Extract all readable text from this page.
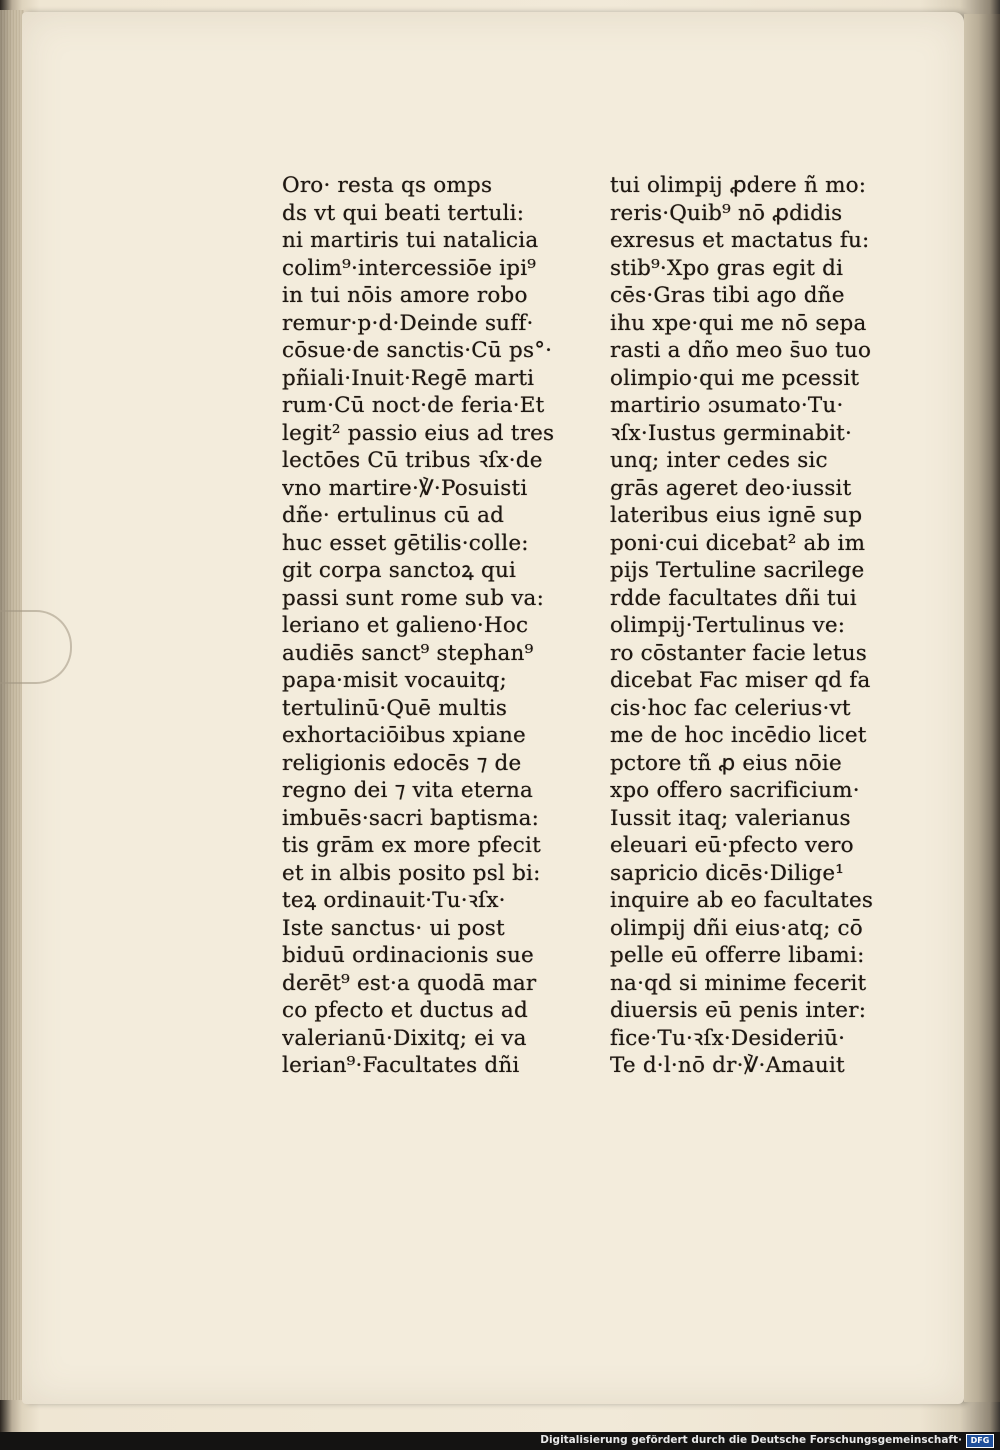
Oro· resta qs omps
ds vt qui beati tertuli:
ni martiris tui natalicia
colim⁹·intercessiōe ipi⁹
in tui nōis amore robo
remur·p·d·Deinde suff·
cōsue·de sanctis·Cū ps°·
pñiali·Inuit·Regē marti
rum·Cū noct·de feria·Et
legit² passio eius ad tres
lectōes Cū tribus ꝛſx·de
vno martire·℣·Posuisti
dñe· ertulinus cū ad
huc esset gētilis·colle:
git corpa sanctoꝝ qui
passi sunt rome sub va:
leriano et galieno·Hoc
audiēs sanct⁹ stephan⁹
papa·misit vocauitq;
tertulinū·Quē multis
exhortaciōibus xpiane
religionis edocēs ⁊ de
regno dei ⁊ vita eterna
imbuēs·sacri baptisma:
tis grām ex more pfecit
et in albis posito psl bi:
teꝝ ordinauit·Tu·ꝛſx·
Iste sanctus· ui post
biduū ordinacionis sue
derēt⁹ est·a quodā mar
co pfecto et ductus ad
valerianū·Dixitq; ei va
lerian⁹·Facultates dñi
tui olimpij ꝓdere ñ mo:
reris·Quib⁹ nō ꝓdidis
exresus et mactatus fu:
stib⁹·Xpo gras egit di
cēs·Gras tibi ago dñe
ihu xpe·qui me nō sepa
rasti a dño meo s̄uo tuo
olimpio·qui me pcessit
martirio ɔsumato·Tu·
ꝛſx·Iustus germinabit·
unq; inter cedes sic
grās ageret deo·iussit
lateribus eius ignē sup
poni·cui dicebat² ab im
pijs Tertuline sacrilege
rdde facultates dñi tui
olimpij·Tertulinus ve:
ro cōstanter facie letus
dicebat Fac miser qd fa
cis·hoc fac celerius·vt
me de hoc incēdio licet
pctore tñ ꝓ eius nōie
xpo offero sacrificium·
Iussit itaq; valerianus
eleuari eū·pfecto vero
sapricio dicēs·Dilige¹
inquire ab eo facultates
olimpij dñi eius·atq; cō
pelle eū offerre libami:
na·qd si minime fecerit
diuersis eū penis inter:
fice·Tu·ꝛſx·Desideriū·
Te d·l·nō dr·℣·Amauit
Digitalisierung gefördert durch die Deutsche Forschungsgemeinschaft·	DFG
